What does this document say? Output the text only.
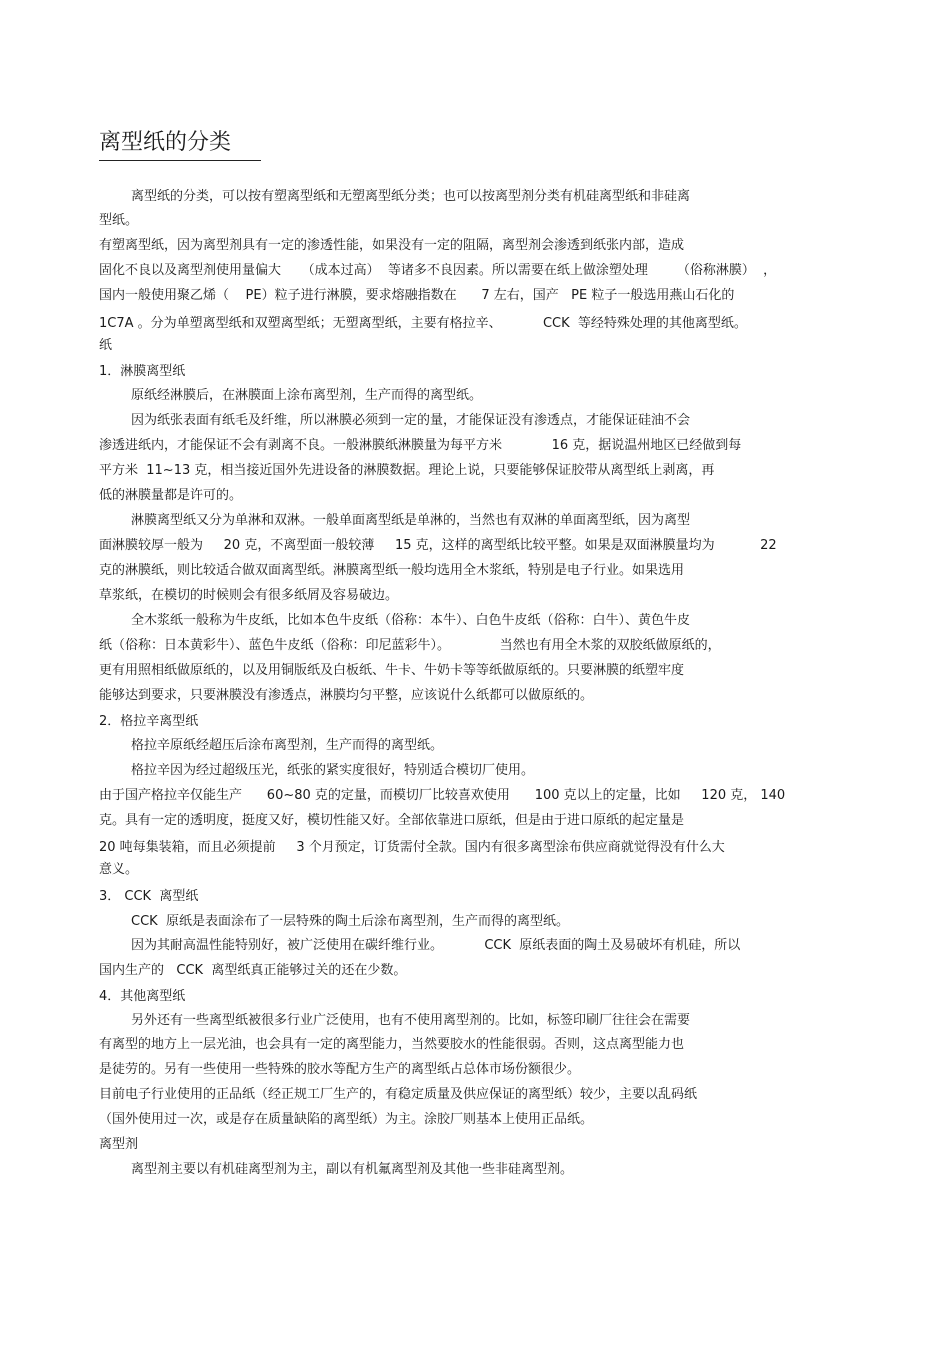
离型纸的分类

离型纸的分类，可以按有塑离型纸和无塑离型纸分类；也可以按离型剂分类有机硅离型纸和非硅离

型纸。

有塑离型纸，因为离型剂具有一定的渗透性能，如果没有一定的阻隔，离型剂会渗透到纸张内部，造成

固化不良以及离型剂使用量偏大     （成本过高）  等诸多不良因素。所以需要在纸上做涂塑处理       （俗称淋膜）  ，

国内一般使用聚乙烯（    PE）粒子进行淋膜，要求熔融指数在      7 左右，国产   PE 粒子一般选用燕山石化的

1C7A 。分为单塑离型纸和双塑离型纸；无塑离型纸，主要有格拉辛、          CCK  等经特殊处理的其他离型纸。

纸

1．淋膜离型纸

原纸经淋膜后，在淋膜面上涂布离型剂，生产而得的离型纸。

因为纸张表面有纸毛及纤维，所以淋膜必须到一定的量，才能保证没有渗透点，才能保证硅油不会

渗透进纸内，才能保证不会有剥离不良。一般淋膜纸淋膜量为每平方米            16 克，据说温州地区已经做到每

平方米  11~13 克，相当接近国外先进设备的淋膜数据。理论上说，只要能够保证胶带从离型纸上剥离，再

低的淋膜量都是许可的。

淋膜离型纸又分为单淋和双淋。一般单面离型纸是单淋的，当然也有双淋的单面离型纸，因为离型

面淋膜较厚一般为     20 克，不离型面一般较薄     15 克，这样的离型纸比较平整。如果是双面淋膜量均为           22

克的淋膜纸，则比较适合做双面离型纸。淋膜离型纸一般均选用全木浆纸，特别是电子行业。如果选用

草浆纸，在模切的时候则会有很多纸屑及容易破边。

全木浆纸一般称为牛皮纸，比如本色牛皮纸（俗称：本牛）、白色牛皮纸（俗称：白牛）、黄色牛皮

纸（俗称：日本黄彩牛）、蓝色牛皮纸（俗称：印尼蓝彩牛）。            当然也有用全木浆的双胶纸做原纸的，

更有用照相纸做原纸的，以及用铜版纸及白板纸、牛卡、牛奶卡等等纸做原纸的。只要淋膜的纸塑牢度

能够达到要求，只要淋膜没有渗透点，淋膜均匀平整，应该说什么纸都可以做原纸的。

2．格拉辛离型纸

格拉辛原纸经超压后涂布离型剂，生产而得的离型纸。

格拉辛因为经过超级压光，纸张的紧实度很好，特别适合模切厂使用。

由于国产格拉辛仅能生产      60~80 克的定量，而模切厂比较喜欢使用      100 克以上的定量，比如     120 克， 140

克。具有一定的透明度，挺度又好，模切性能又好。全部依靠进口原纸，但是由于进口原纸的起定量是

20 吨每集装箱，而且必须提前     3 个月预定，订货需付全款。国内有很多离型涂布供应商就觉得没有什么大

意义。

3． CCK  离型纸

CCK  原纸是表面涂布了一层特殊的陶土后涂布离型剂，生产而得的离型纸。

因为其耐高温性能特别好，被广泛使用在碳纤维行业。          CCK  原纸表面的陶土及易破坏有机硅，所以

国内生产的   CCK  离型纸真正能够过关的还在少数。

4．其他离型纸

另外还有一些离型纸被很多行业广泛使用，也有不使用离型剂的。比如，标签印刷厂往往会在需要

有离型的地方上一层光油，也会具有一定的离型能力，当然要胶水的性能很弱。否则，这点离型能力也

是徒劳的。另有一些使用一些特殊的胶水等配方生产的离型纸占总体市场份额很少。

目前电子行业使用的正品纸（经正规工厂生产的，有稳定质量及供应保证的离型纸）较少，主要以乱码纸

（国外使用过一次，或是存在质量缺陷的离型纸）为主。涂胶厂则基本上使用正品纸。

离型剂

离型剂主要以有机硅离型剂为主，副以有机氟离型剂及其他一些非硅离型剂。
